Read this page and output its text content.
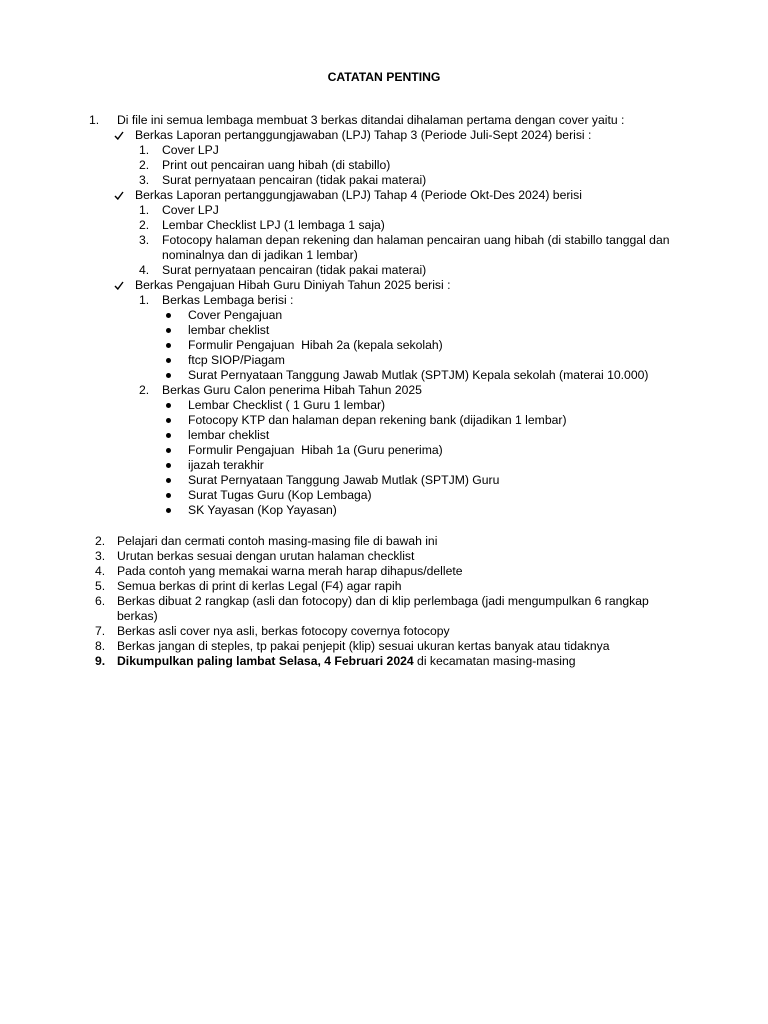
CATATAN PENTING
1. Di file ini semua lembaga membuat 3 berkas ditandai dihalaman pertama dengan cover yaitu :
Berkas Laporan pertanggungjawaban (LPJ) Tahap 3 (Periode Juli-Sept 2024) berisi :
1. Cover LPJ
2. Print out pencairan uang hibah (di stabillo)
3. Surat pernyataan pencairan (tidak pakai materai)
Berkas Laporan pertanggungjawaban (LPJ) Tahap 4 (Periode Okt-Des 2024) berisi
1. Cover LPJ
2. Lembar Checklist LPJ (1 lembaga 1 saja)
3. Fotocopy halaman depan rekening dan halaman pencairan uang hibah (di stabillo tanggal dan
nominalnya dan di jadikan 1 lembar)
4. Surat pernyataan pencairan (tidak pakai materai)
Berkas Pengajuan Hibah Guru Diniyah Tahun 2025 berisi :
1. Berkas Lembaga berisi :
Cover Pengajuan
lembar cheklist
Formulir Pengajuan  Hibah 2a (kepala sekolah)
ftcp SIOP/Piagam
Surat Pernyataan Tanggung Jawab Mutlak (SPTJM) Kepala sekolah (materai 10.000)
2. Berkas Guru Calon penerima Hibah Tahun 2025
Lembar Checklist ( 1 Guru 1 lembar)
Fotocopy KTP dan halaman depan rekening bank (dijadikan 1 lembar)
lembar cheklist
Formulir Pengajuan  Hibah 1a (Guru penerima)
ijazah terakhir
Surat Pernyataan Tanggung Jawab Mutlak (SPTJM) Guru
Surat Tugas Guru (Kop Lembaga)
SK Yayasan (Kop Yayasan)
2. Pelajari dan cermati contoh masing-masing file di bawah ini
3. Urutan berkas sesuai dengan urutan halaman checklist
4. Pada contoh yang memakai warna merah harap dihapus/dellete
5. Semua berkas di print di kerlas Legal (F4) agar rapih
6. Berkas dibuat 2 rangkap (asli dan fotocopy) dan di klip perlembaga (jadi mengumpulkan 6 rangkap
berkas)
7. Berkas asli cover nya asli, berkas fotocopy covernya fotocopy
8. Berkas jangan di steples, tp pakai penjepit (klip) sesuai ukuran kertas banyak atau tidaknya
9. Dikumpulkan paling lambat Selasa, 4 Februari 2024 di kecamatan masing-masing
